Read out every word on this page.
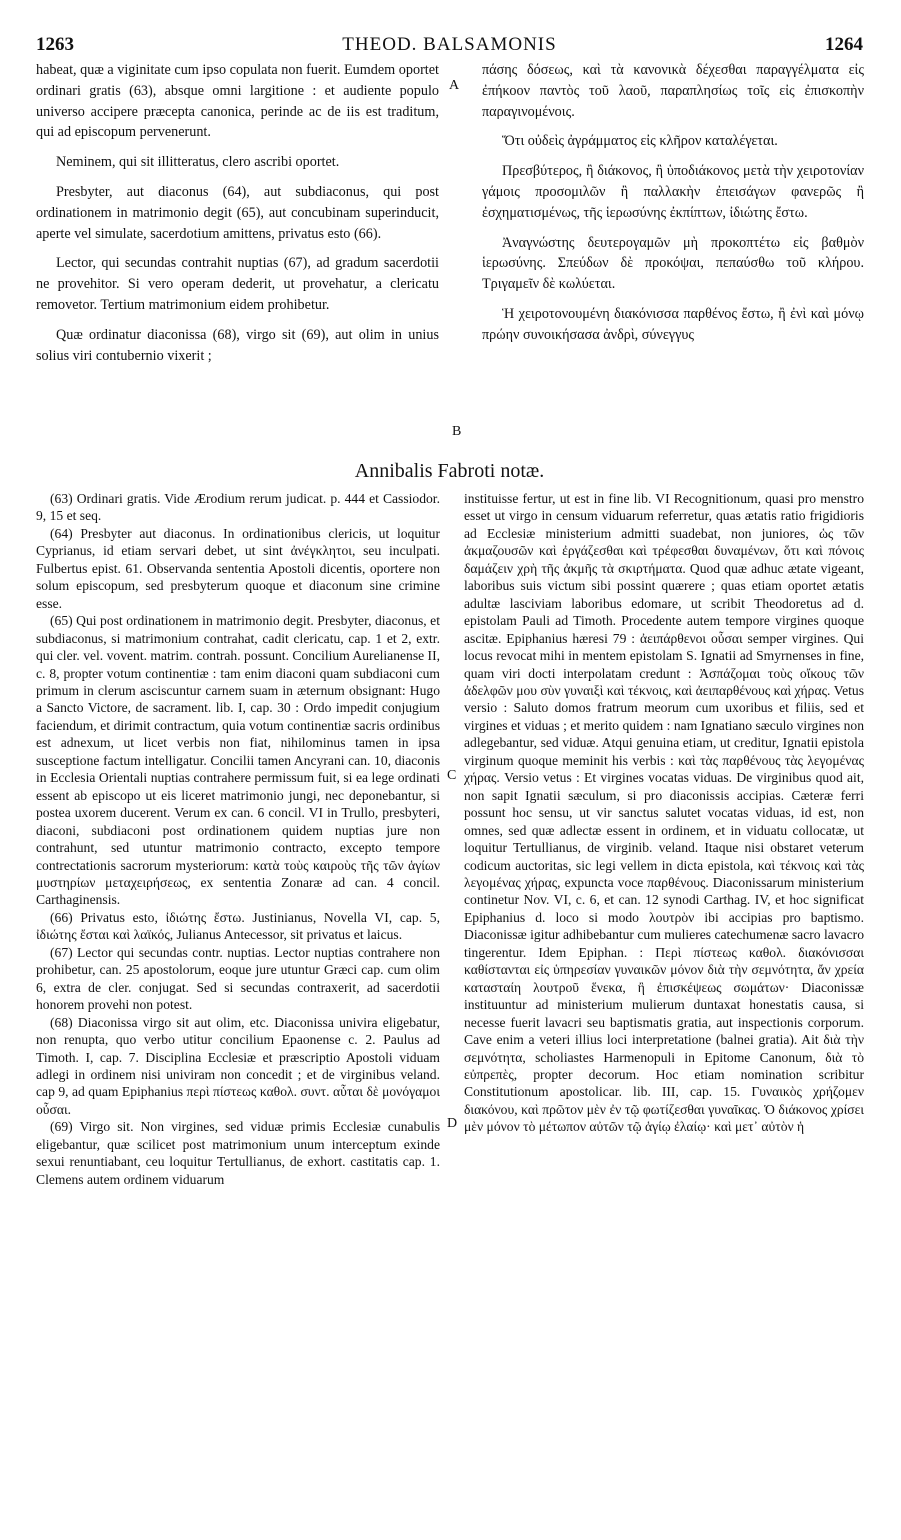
1263	THEOD. BALSAMONIS	1264

habeat, quæ a viginitate cum ipso copulata non fuerit. Eumdem oportet ordinari gratis (63), absque omni largitione : et audiente populo universo accipere præcepta canonica, perinde ac de iis est traditum, qui ad episcopum pervenerunt.

Neminem, qui sit illitteratus, clero ascribi oportet.

Presbyter, aut diaconus (64), aut subdiaconus, qui post ordinationem in matrimonio degit (65), aut concubinam superinducit, aperte vel simulate, sacerdotium amittens, privatus esto (66).

Lector, qui secundas contrahit nuptias (67), ad gradum sacerdotii ne provehitor. Si vero operam dederit, ut provehatur, a clericatu removetor. Tertium matrimonium eidem prohibetur.

Quæ ordinatur diaconissa (68), virgo sit (69), aut olim in unius solius viri contubernio vixerit ;

A
B
C
D

πάσης δόσεως, καὶ τὰ κανονικὰ δέχεσθαι παραγγέλματα εἰς ἐπήκοον παντὸς τοῦ λαοῦ, παραπλησίως τοῖς εἰς ἐπισκοπὴν παραγινομένοις.

Ὅτι οὐδεὶς ἀγράμματος εἰς κλῆρον καταλέγεται.

Πρεσβύτερος, ἢ διάκονος, ἢ ὑποδιάκονος μετὰ τὴν χειροτονίαν γάμοις προσομιλῶν ἢ παλλακὴν ἐπεισάγων φανερῶς ἢ ἐσχηματισμένως, τῆς ἱερωσύνης ἐκπίπτων, ἰδιώτης ἔστω.

Ἀναγνώστης δευτερογαμῶν μὴ προκοπτέτω εἰς βαθμὸν ἱερωσύνης. Σπεύδων δὲ προκόψαι, πεπαύσθω τοῦ κλήρου. Τριγαμεῖν δὲ κωλύεται.

Ἡ χειροτονουμένη διακόνισσα παρθένος ἔστω, ἢ ἐνὶ καὶ μόνῳ πρώην συνοικήσασα ἀνδρὶ, σύνεγγυς

Annibalis Fabroti notæ.

(63) Ordinari gratis. Vide Ærodium rerum judicat. p. 444 et Cassiodor. 9, 15 et seq.

(64) Presbyter aut diaconus. In ordinationibus clericis, ut loquitur Cyprianus, id etiam servari debet, ut sint ἀνέγκλητοι, seu inculpati. Fulbertus epist. 61. Observanda sententia Apostoli dicentis, oportere non solum episcopum, sed presbyterum quoque et diaconum sine crimine esse.

(65) Qui post ordinationem in matrimonio degit. Presbyter, diaconus, et subdiaconus, si matrimonium contrahat, cadit clericatu, cap. 1 et 2, extr. qui cler. vel. vovent. matrim. contrah. possunt. Concilium Aurelianense II, c. 8, propter votum continentiæ : tam enim diaconi quam subdiaconi cum primum in clerum asciscuntur carnem suam in æternum obsignant: Hugo a Sancto Victore, de sacrament. lib. I, cap. 30 : Ordo impedit conjugium faciendum, et dirimit contractum, quia votum continentiæ sacris ordinibus est adnexum, ut licet verbis non fiat, nihilominus tamen in ipsa susceptione factum intelligatur. Concilii tamen Ancyrani can. 10, diaconis in Ecclesia Orientali nuptias contrahere permissum fuit, si ea lege ordinati essent ab episcopo ut eis liceret matrimonio jungi, nec deponebantur, si postea uxorem ducerent. Verum ex can. 6 concil. VI in Trullo, presbyteri, diaconi, subdiaconi post ordinationem quidem nuptias jure non contrahunt, sed utuntur matrimonio contracto, excepto tempore contrectationis sacrorum mysteriorum: κατὰ τοὺς καιροὺς τῆς τῶν ἁγίων μυστηρίων μεταχειρήσεως, ex sententia Zonaræ ad can. 4 concil. Carthaginensis.

(66) Privatus esto, ἰδιώτης ἔστω. Justinianus, Novella VI, cap. 5, ἰδιώτης ἔσται καὶ λαϊκός, Julianus Antecessor, sit privatus et laicus.

(67) Lector qui secundas contr. nuptias. Lector nuptias contrahere non prohibetur, can. 25 apostolorum, eoque jure utuntur Græci cap. cum olim 6, extra de cler. conjugat. Sed si secundas contraxerit, ad sacerdotii honorem provehi non potest.

(68) Diaconissa virgo sit aut olim, etc. Diaconissa univira eligebatur, non renupta, quo verbo utitur concilium Epaonense c. 2. Paulus ad Timoth. I, cap. 7. Disciplina Ecclesiæ et præscriptio Apostoli viduam adlegi in ordinem nisi univiram non concedit ; et de virginibus veland. cap 9, ad quam Epiphanius περὶ πίστεως καθολ. συντ. αὗται δὲ μονόγαμοι οὖσαι.

(69) Virgo sit. Non virgines, sed viduæ primis Ecclesiæ cunabulis eligebantur, quæ scilicet post matrimonium unum interceptum exinde sexui renuntiabant, ceu loquitur Tertullianus, de exhort. castitatis cap. 1. Clemens autem ordinem viduarum

instituisse fertur, ut est in fine lib. VI Recognitionum, quasi pro menstro esset ut virgo in censum viduarum referretur, quas ætatis ratio frigidioris ad Ecclesiæ ministerium admitti suadebat, non juniores, ὡς τῶν ἀκμαζουσῶν καὶ ἐργάζεσθαι καὶ τρέφεσθαι δυναμένων, ὅτι καὶ πόνοις δαμάζειν χρὴ τῆς ἀκμῆς τὰ σκιρτήματα. Quod quæ adhuc ætate vigeant, laboribus suis victum sibi possint quærere ; quas etiam oportet ætatis adultæ lasciviam laboribus edomare, ut scribit Theodoretus ad d. epistolam Pauli ad Timoth. Procedente autem tempore virgines quoque ascitæ. Epiphanius hæresi 79 : ἀειπάρθενοι οὖσαι semper virgines. Qui locus revocat mihi in mentem epistolam S. Ignatii ad Smyrnenses in fine, quam viri docti interpolatam credunt : Ἀσπάζομαι τοὺς οἴκους τῶν ἀδελφῶν μου σὺν γυναιξὶ καὶ τέκνοις, καὶ ἀειπαρθένους καὶ χήρας. Vetus versio : Saluto domos fratrum meorum cum uxoribus et filiis, sed et virgines et viduas ; et merito quidem : nam Ignatiano sæculo virgines non adlegebantur, sed viduæ. Atqui genuina etiam, ut creditur, Ignatii epistola virginum quoque meminit his verbis : καὶ τὰς παρθένους τὰς λεγομένας χήρας. Versio vetus : Et virgines vocatas viduas. De virginibus quod ait, non sapit Ignatii sæculum, si pro diaconissis accipias. Cæteræ ferri possunt hoc sensu, ut vir sanctus salutet vocatas viduas, id est, non omnes, sed quæ adlectæ essent in ordinem, et in viduatu collocatæ, ut loquitur Tertullianus, de virginib. veland. Itaque nisi obstaret veterum codicum auctoritas, sic legi vellem in dicta epistola, καὶ τέκνοις καὶ τὰς λεγομένας χήρας, expuncta voce παρθένους. Diaconissarum ministerium continetur Nov. VI, c. 6, et can. 12 synodi Carthag. IV, et hoc significat Epiphanius d. loco si modo λουτρὸν ibi accipias pro baptismo. Diaconissæ igitur adhibebantur cum mulieres catechumenæ sacro lavacro tingerentur. Idem Epiphan. : Περὶ πίστεως καθολ. διακόνισσαι καθίστανται εἰς ὑπηρεσίαν γυναικῶν μόνον διὰ τὴν σεμνότητα, ἄν χρεία κατασταίη λουτροῦ ἕνεκα, ἢ ἐπισκέψεως σωμάτων· Diaconissæ instituuntur ad ministerium mulierum duntaxat honestatis causa, si necesse fuerit lavacri seu baptismatis gratia, aut inspectionis corporum. Cave enim a veteri illius loci interpretatione (balnei gratia). Ait διὰ τὴν σεμνότητα, scholiastes Harmenopuli in Epitome Canonum, διὰ τὸ εὐπρεπὲς, propter decorum. Hoc etiam nomination scribitur Constitutionum apostolicar. lib. III, cap. 15. Γυναικὸς χρήζομεν διακόνου, καὶ πρῶτον μὲν ἐν τῷ φωτίζεσθαι γυναῖκας. Ὁ διάκονος χρίσει μὲν μόνον τὸ μέτωπον αὐτῶν τῷ ἁγίῳ ἐλαίῳ· καὶ μετ᾽ αὐτὸν ἡ
